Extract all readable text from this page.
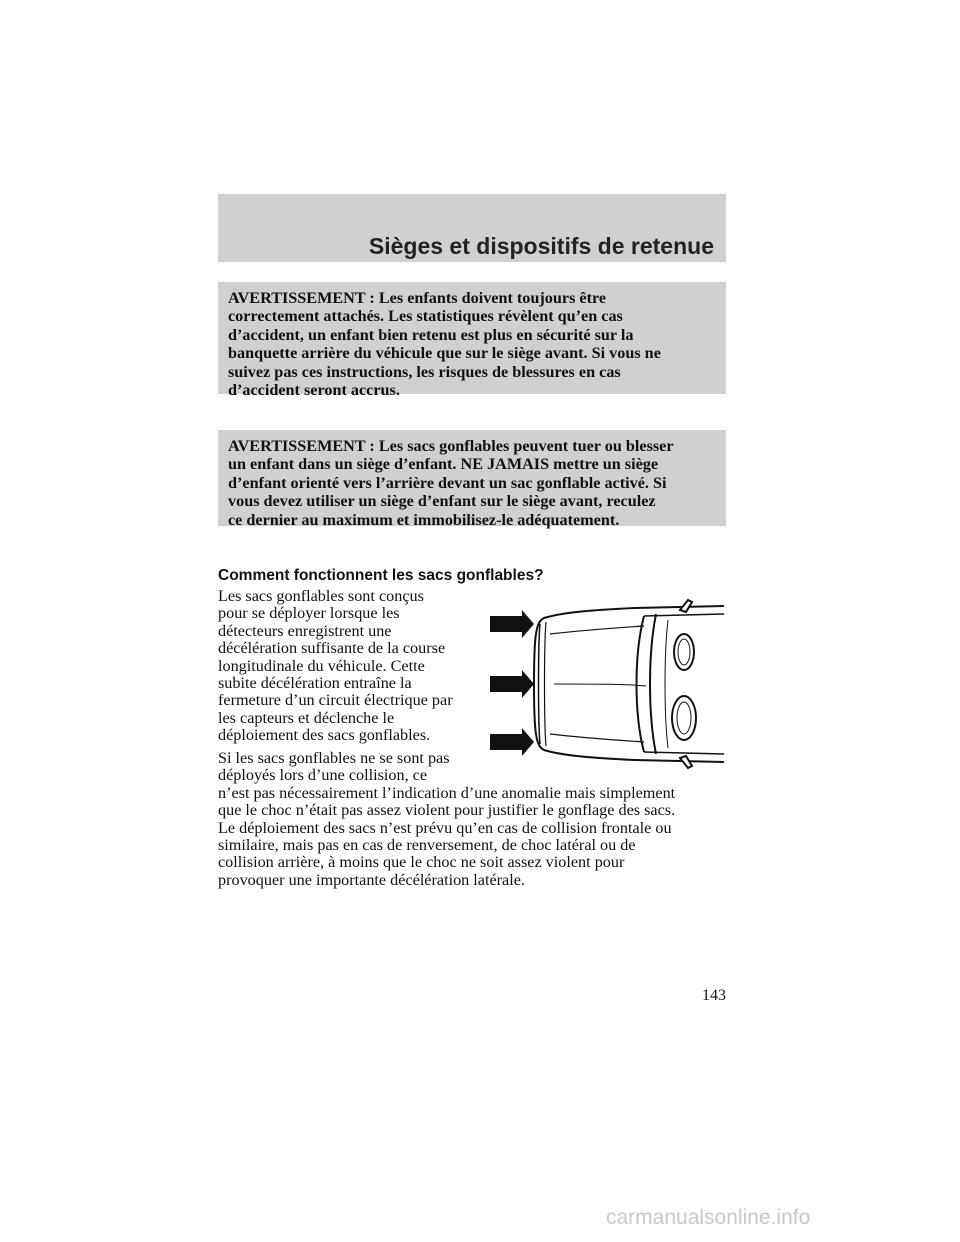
Sièges et dispositifs de retenue
AVERTISSEMENT : Les enfants doivent toujours être
correctement attachés. Les statistiques révèlent qu’en cas
d’accident, un enfant bien retenu est plus en sécurité sur la
banquette arrière du véhicule que sur le siège avant. Si vous ne
suivez pas ces instructions, les risques de blessures en cas
d’accident seront accrus.
AVERTISSEMENT : Les sacs gonflables peuvent tuer ou blesser
un enfant dans un siège d’enfant. NE JAMAIS mettre un siège
d’enfant orienté vers l’arrière devant un sac gonflable activé. Si
vous devez utiliser un siège d’enfant sur le siège avant, reculez
ce dernier au maximum et immobilisez-le adéquatement.
Comment fonctionnent les sacs gonflables?
Les sacs gonflables sont conçus
pour se déployer lorsque les
détecteurs enregistrent une
décélération suffisante de la course
longitudinale du véhicule. Cette
subite décélération entraîne la
fermeture d’un circuit électrique par
les capteurs et déclenche le
déploiement des sacs gonflables.
Si les sacs gonflables ne se sont pas
déployés lors d’une collision, ce
n’est pas nécessairement l’indication d’une anomalie mais simplement
que le choc n’était pas assez violent pour justifier le gonflage des sacs.
Le déploiement des sacs n’est prévu qu’en cas de collision frontale ou
similaire, mais pas en cas de renversement, de choc latéral ou de
collision arrière, à moins que le choc ne soit assez violent pour
provoquer une importante décélération latérale.
143
carmanualsonline.info
